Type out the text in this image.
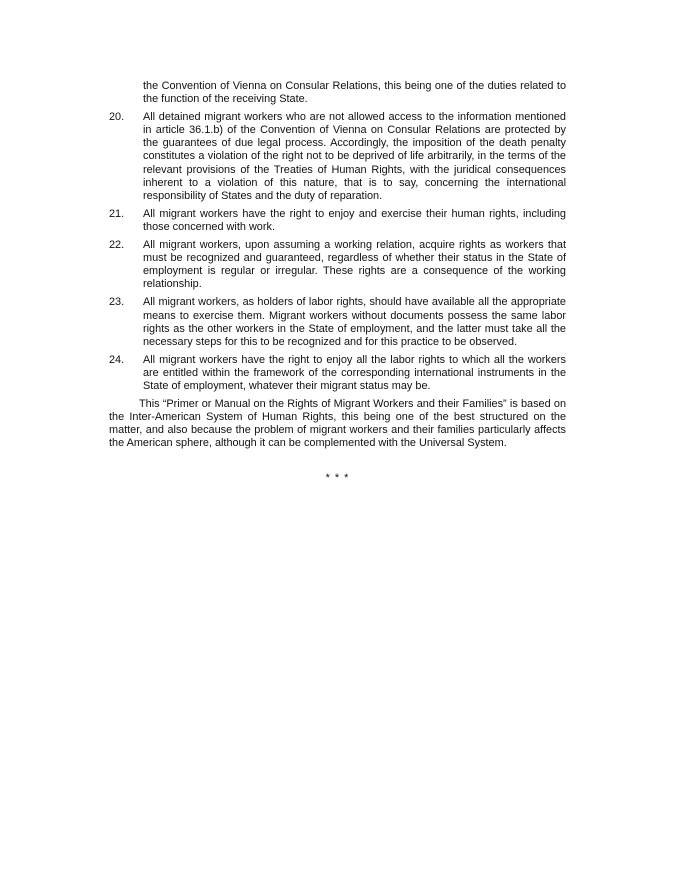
the Convention of Vienna on Consular Relations, this being one of the duties related to the function of the receiving State.
20.	All detained migrant workers who are not allowed access to the information mentioned in article 36.1.b) of the Convention of Vienna on Consular Relations are protected by the guarantees of due legal process. Accordingly, the imposition of the death penalty constitutes a violation of the right not to be deprived of life arbitrarily, in the terms of the relevant provisions of the Treaties of Human Rights, with the juridical consequences inherent to a violation of this nature, that is to say, concerning the international responsibility of States and the duty of reparation.
21.	All migrant workers have the right to enjoy and exercise their human rights, including those concerned with work.
22.	All migrant workers, upon assuming a working relation, acquire rights as workers that must be recognized and guaranteed, regardless of whether their status in the State of employment is regular or irregular. These rights are a consequence of the working relationship.
23.	All migrant workers, as holders of labor rights, should have available all the appropriate means to exercise them. Migrant workers without documents possess the same labor rights as the other workers in the State of employment, and the latter must take all the necessary steps for this to be recognized and for this practice to be observed.
24.	All migrant workers have the right to enjoy all the labor rights to which all the workers are entitled within the framework of the corresponding international instruments in the State of employment, whatever their migrant status may be.
This “Primer or Manual on the Rights of Migrant Workers and their Families” is based on the Inter-American System of Human Rights, this being one of the best structured on the matter, and also because the problem of migrant workers and their families particularly affects the American sphere, although it can be complemented with the Universal System.
* * *
